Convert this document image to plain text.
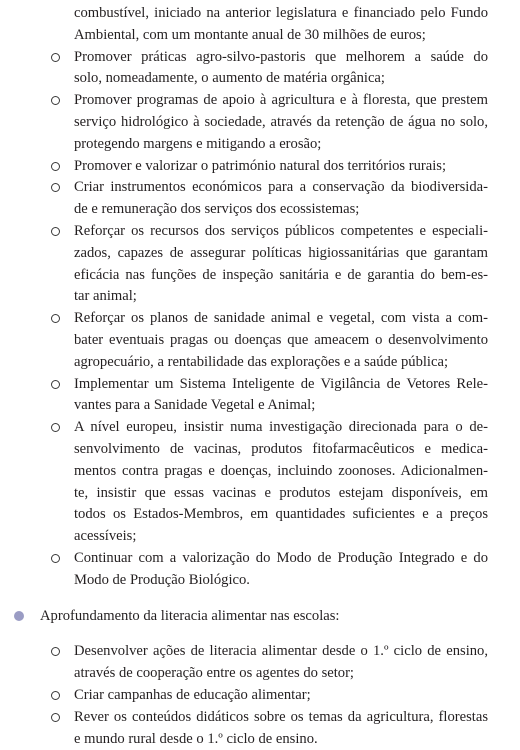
combustível, iniciado na anterior legislatura e financiado pelo Fundo
Ambiental, com um montante anual de 30 milhões de euros;
Promover práticas agro-silvo-pastoris que melhorem a saúde do
solo, nomeadamente, o aumento de matéria orgânica;
Promover programas de apoio à agricultura e à floresta, que prestem
serviço hidrológico à sociedade, através da retenção de água no solo,
protegendo margens e mitigando a erosão;
Promover e valorizar o património natural dos territórios rurais;
Criar instrumentos económicos para a conservação da biodiversida-
de e remuneração dos serviços dos ecossistemas;
Reforçar os recursos dos serviços públicos competentes e especiali-
zados, capazes de assegurar políticas higiossanitárias que garantam
eficácia nas funções de inspeção sanitária e de garantia do bem-es-
tar animal;
Reforçar os planos de sanidade animal e vegetal, com vista a com-
bater eventuais pragas ou doenças que ameacem o desenvolvimento
agropecuário, a rentabilidade das explorações e a saúde pública;
Implementar um Sistema Inteligente de Vigilância de Vetores Rele-
vantes para a Sanidade Vegetal e Animal;
A nível europeu, insistir numa investigação direcionada para o de-
senvolvimento de vacinas, produtos fitofarmacêuticos e medica-
mentos contra pragas e doenças, incluindo zoonoses. Adicionalmen-
te, insistir que essas vacinas e produtos estejam disponíveis, em
todos os Estados-Membros, em quantidades suficientes e a preços
acessíveis;
Continuar com a valorização do Modo de Produção Integrado e do
Modo de Produção Biológico.
Aprofundamento da literacia alimentar nas escolas:
Desenvolver ações de literacia alimentar desde o 1.º ciclo de ensino,
através de cooperação entre os agentes do setor;
Criar campanhas de educação alimentar;
Rever os conteúdos didáticos sobre os temas da agricultura, florestas
e mundo rural desde o 1.º ciclo de ensino.
